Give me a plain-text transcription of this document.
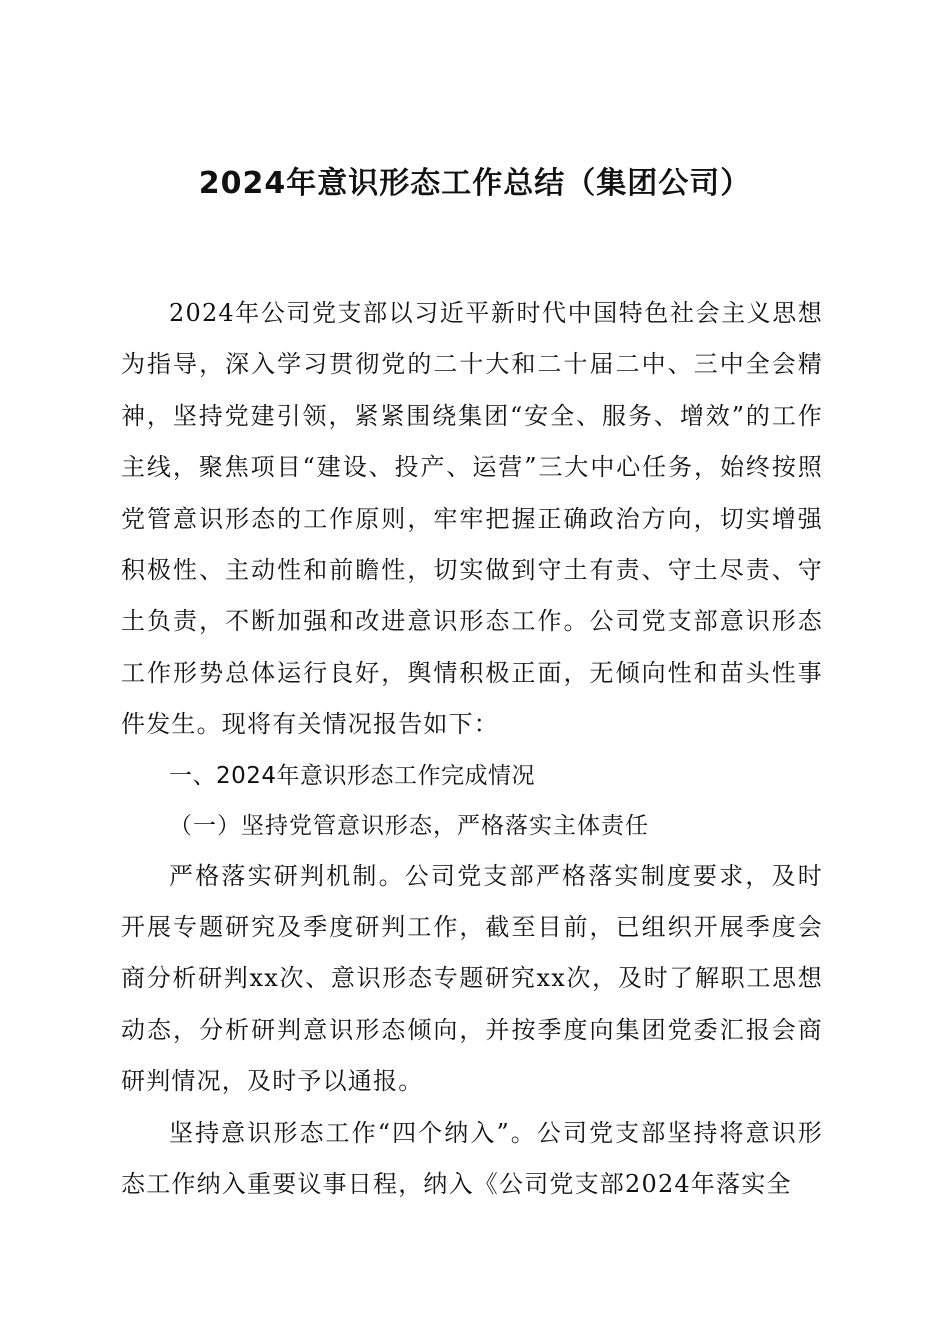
2024年意识形态工作总结（集团公司）

2024年公司党支部以习近平新时代中国特色社会主义思想为指导，深入学习贯彻党的二十大和二十届二中、三中全会精神，坚持党建引领，紧紧围绕集团“安全、服务、增效”的工作主线，聚焦项目“建设、投产、运营”三大中心任务，始终按照党管意识形态的工作原则，牢牢把握正确政治方向，切实增强积极性、主动性和前瞻性，切实做到守土有责、守土尽责、守土负责，不断加强和改进意识形态工作。公司党支部意识形态工作形势总体运行良好，舆情积极正面，无倾向性和苗头性事件发生。现将有关情况报告如下：

一、2024年意识形态工作完成情况

（一）坚持党管意识形态，严格落实主体责任

严格落实研判机制。公司党支部严格落实制度要求，及时开展专题研究及季度研判工作，截至目前，已组织开展季度会商分析研判xx次、意识形态专题研究xx次，及时了解职工思想动态，分析研判意识形态倾向，并按季度向集团党委汇报会商研判情况，及时予以通报。

坚持意识形态工作“四个纳入”。公司党支部坚持将意识形态工作纳入重要议事日程，纳入《公司党支部2024年落实全
